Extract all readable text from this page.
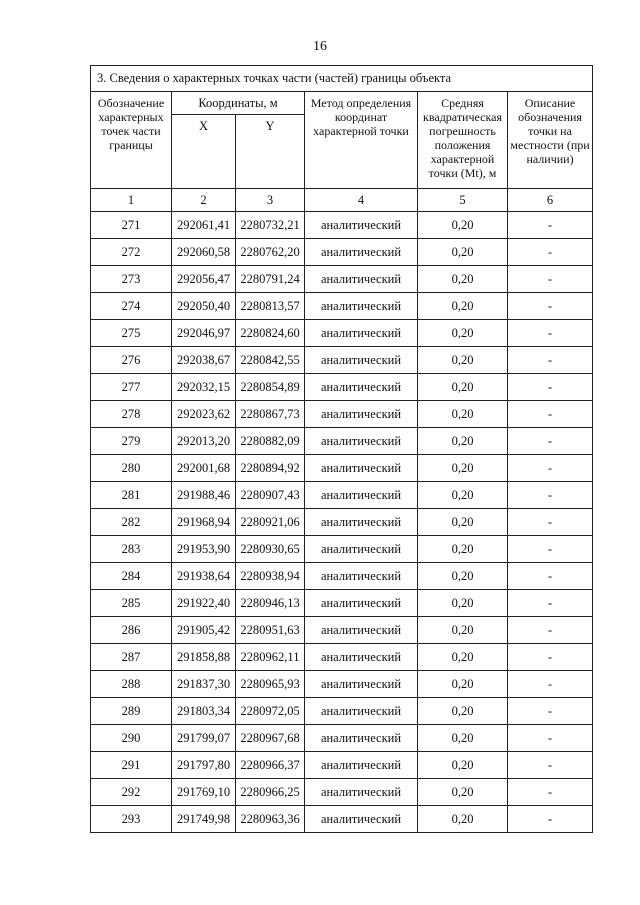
16
3. Сведения о характерных точках части (частей) границы объекта					
Обозначение характерных точек части границы	Координаты, м		Метод определения координат характерной точки	Средняя квадратическая погрешность положения характерной точки (Mt), м	Описание обозначения точки на местности (при наличии)
	X	Y			
1	2	3	4	5	6
271	292061,41	2280732,21	аналитический	0,20	-
272	292060,58	2280762,20	аналитический	0,20	-
273	292056,47	2280791,24	аналитический	0,20	-
274	292050,40	2280813,57	аналитический	0,20	-
275	292046,97	2280824,60	аналитический	0,20	-
276	292038,67	2280842,55	аналитический	0,20	-
277	292032,15	2280854,89	аналитический	0,20	-
278	292023,62	2280867,73	аналитический	0,20	-
279	292013,20	2280882,09	аналитический	0,20	-
280	292001,68	2280894,92	аналитический	0,20	-
281	291988,46	2280907,43	аналитический	0,20	-
282	291968,94	2280921,06	аналитический	0,20	-
283	291953,90	2280930,65	аналитический	0,20	-
284	291938,64	2280938,94	аналитический	0,20	-
285	291922,40	2280946,13	аналитический	0,20	-
286	291905,42	2280951,63	аналитический	0,20	-
287	291858,88	2280962,11	аналитический	0,20	-
288	291837,30	2280965,93	аналитический	0,20	-
289	291803,34	2280972,05	аналитический	0,20	-
290	291799,07	2280967,68	аналитический	0,20	-
291	291797,80	2280966,37	аналитический	0,20	-
292	291769,10	2280966,25	аналитический	0,20	-
293	291749,98	2280963,36	аналитический	0,20	-
